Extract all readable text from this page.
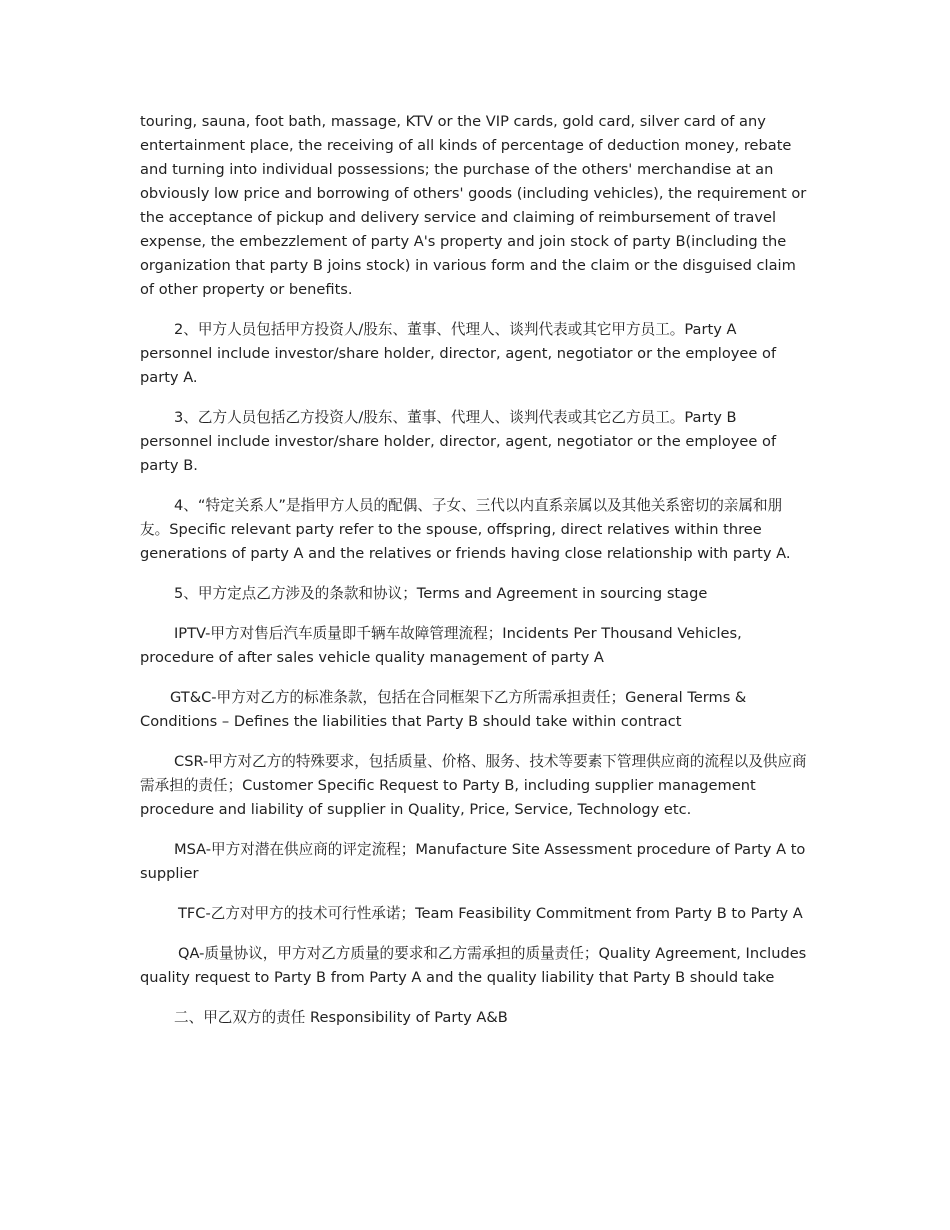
touring, sauna, foot bath, massage, KTV or the VIP cards, gold card, silver card of any entertainment place, the receiving of all kinds of percentage of deduction money, rebate and turning into individual possessions; the purchase of the others' merchandise at an obviously low price and borrowing of others' goods (including vehicles), the requirement or the acceptance of pickup and delivery service and claiming of reimbursement of travel expense, the embezzlement of party A's property and join stock of party B(including the organization that party B joins stock) in various form and the claim or the disguised claim of other property or benefits.

2、甲方人员包括甲方投资人/股东、董事、代理人、谈判代表或其它甲方员工。Party A personnel include investor/share holder, director, agent, negotiator or the employee of party A.

3、乙方人员包括乙方投资人/股东、董事、代理人、谈判代表或其它乙方员工。Party B personnel include investor/share holder, director, agent, negotiator or the employee of party B.

4、“特定关系人”是指甲方人员的配偶、子女、三代以内直系亲属以及其他关系密切的亲属和朋友。Specific relevant party refer to the spouse, offspring, direct relatives within three generations of party A and the relatives or friends having close relationship with party A.

5、甲方定点乙方涉及的条款和协议；Terms and Agreement in sourcing stage

IPTV-甲方对售后汽车质量即千辆车故障管理流程；Incidents Per Thousand Vehicles, procedure of after sales vehicle quality management of party A

GT&C-甲方对乙方的标准条款，包括在合同框架下乙方所需承担责任；General Terms & Conditions – Defines the liabilities that Party B should take within contract

CSR-甲方对乙方的特殊要求，包括质量、价格、服务、技术等要素下管理供应商的流程以及供应商需承担的责任；Customer Specific Request to Party B, including supplier management procedure and liability of supplier in Quality, Price, Service, Technology etc.

MSA-甲方对潜在供应商的评定流程；Manufacture Site Assessment procedure of Party A to supplier

TFC-乙方对甲方的技术可行性承诺；Team Feasibility Commitment from Party B to Party A

QA-质量协议，甲方对乙方质量的要求和乙方需承担的质量责任；Quality Agreement, Includes quality request to Party B from Party A and the quality liability that Party B should take

二、甲乙双方的责任 Responsibility of Party A&B
